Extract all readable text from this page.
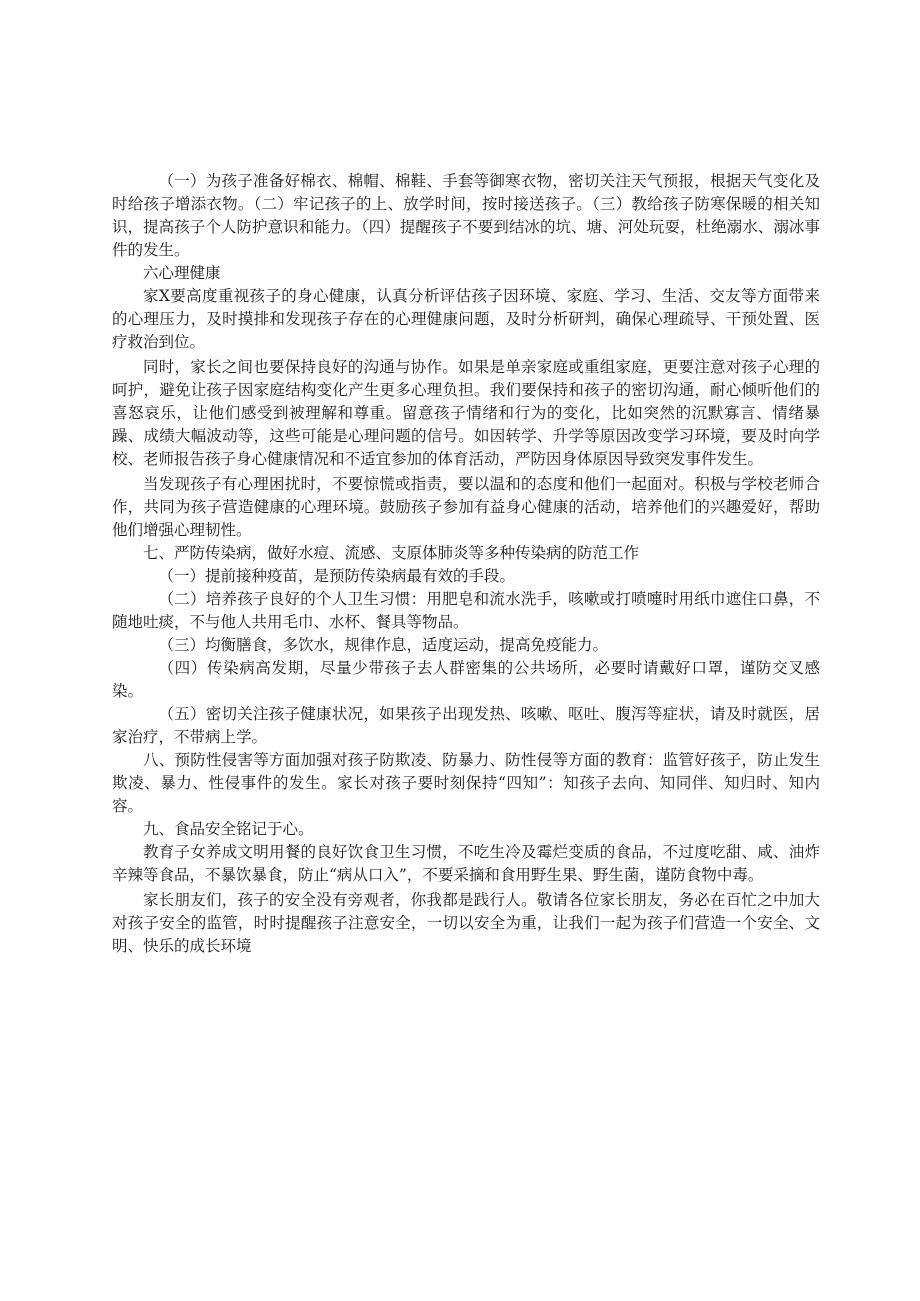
（一）为孩子准备好棉衣、棉帽、棉鞋、手套等御寒衣物，密切关注天气预报，根据天气变化及时给孩子增添衣物。（二）牢记孩子的上、放学时间，按时接送孩子。（三）教给孩子防寒保暖的相关知识，提高孩子个人防护意识和能力。（四）提醒孩子不要到结冰的坑、塘、河处玩耍，杜绝溺水、溺冰事件的发生。

六心理健康

家X要高度重视孩子的身心健康，认真分析评估孩子因环境、家庭、学习、生活、交友等方面带来的心理压力，及时摸排和发现孩子存在的心理健康问题，及时分析研判，确保心理疏导、干预处置、医疗救治到位。

同时，家长之间也要保持良好的沟通与协作。如果是单亲家庭或重组家庭，更要注意对孩子心理的呵护，避免让孩子因家庭结构变化产生更多心理负担。我们要保持和孩子的密切沟通，耐心倾听他们的喜怒哀乐，让他们感受到被理解和尊重。留意孩子情绪和行为的变化，比如突然的沉默寡言、情绪暴躁、成绩大幅波动等，这些可能是心理问题的信号。如因转学、升学等原因改变学习环境，要及时向学校、老师报告孩子身心健康情况和不适宜参加的体育活动，严防因身体原因导致突发事件发生。

当发现孩子有心理困扰时，不要惊慌或指责，要以温和的态度和他们一起面对。积极与学校老师合作，共同为孩子营造健康的心理环境。鼓励孩子参加有益身心健康的活动，培养他们的兴趣爱好，帮助他们增强心理韧性。

七、严防传染病，做好水痘、流感、支原体肺炎等多种传染病的防范工作

（一）提前接种疫苗，是预防传染病最有效的手段。

（二）培养孩子良好的个人卫生习惯：用肥皂和流水洗手，咳嗽或打喷嚏时用纸巾遮住口鼻，不随地吐痰，不与他人共用毛巾、水杯、餐具等物品。

（三）均衡膳食，多饮水，规律作息，适度运动，提高免疫能力。

（四）传染病高发期，尽量少带孩子去人群密集的公共场所，必要时请戴好口罩，谨防交叉感染。

（五）密切关注孩子健康状况，如果孩子出现发热、咳嗽、呕吐、腹泻等症状，请及时就医，居家治疗，不带病上学。

八、预防性侵害等方面加强对孩子防欺凌、防暴力、防性侵等方面的教育：监管好孩子，防止发生欺凌、暴力、性侵事件的发生。家长对孩子要时刻保持“四知”：知孩子去向、知同伴、知归时、知内容。

九、食品安全铭记于心。

教育子女养成文明用餐的良好饮食卫生习惯，不吃生冷及霉烂变质的食品，不过度吃甜、咸、油炸辛辣等食品，不暴饮暴食，防止“病从口入”，不要采摘和食用野生果、野生菌，谨防食物中毒。

家长朋友们，孩子的安全没有旁观者，你我都是践行人。敬请各位家长朋友，务必在百忙之中加大对孩子安全的监管，时时提醒孩子注意安全，一切以安全为重，让我们一起为孩子们营造一个安全、文明、快乐的成长环境
